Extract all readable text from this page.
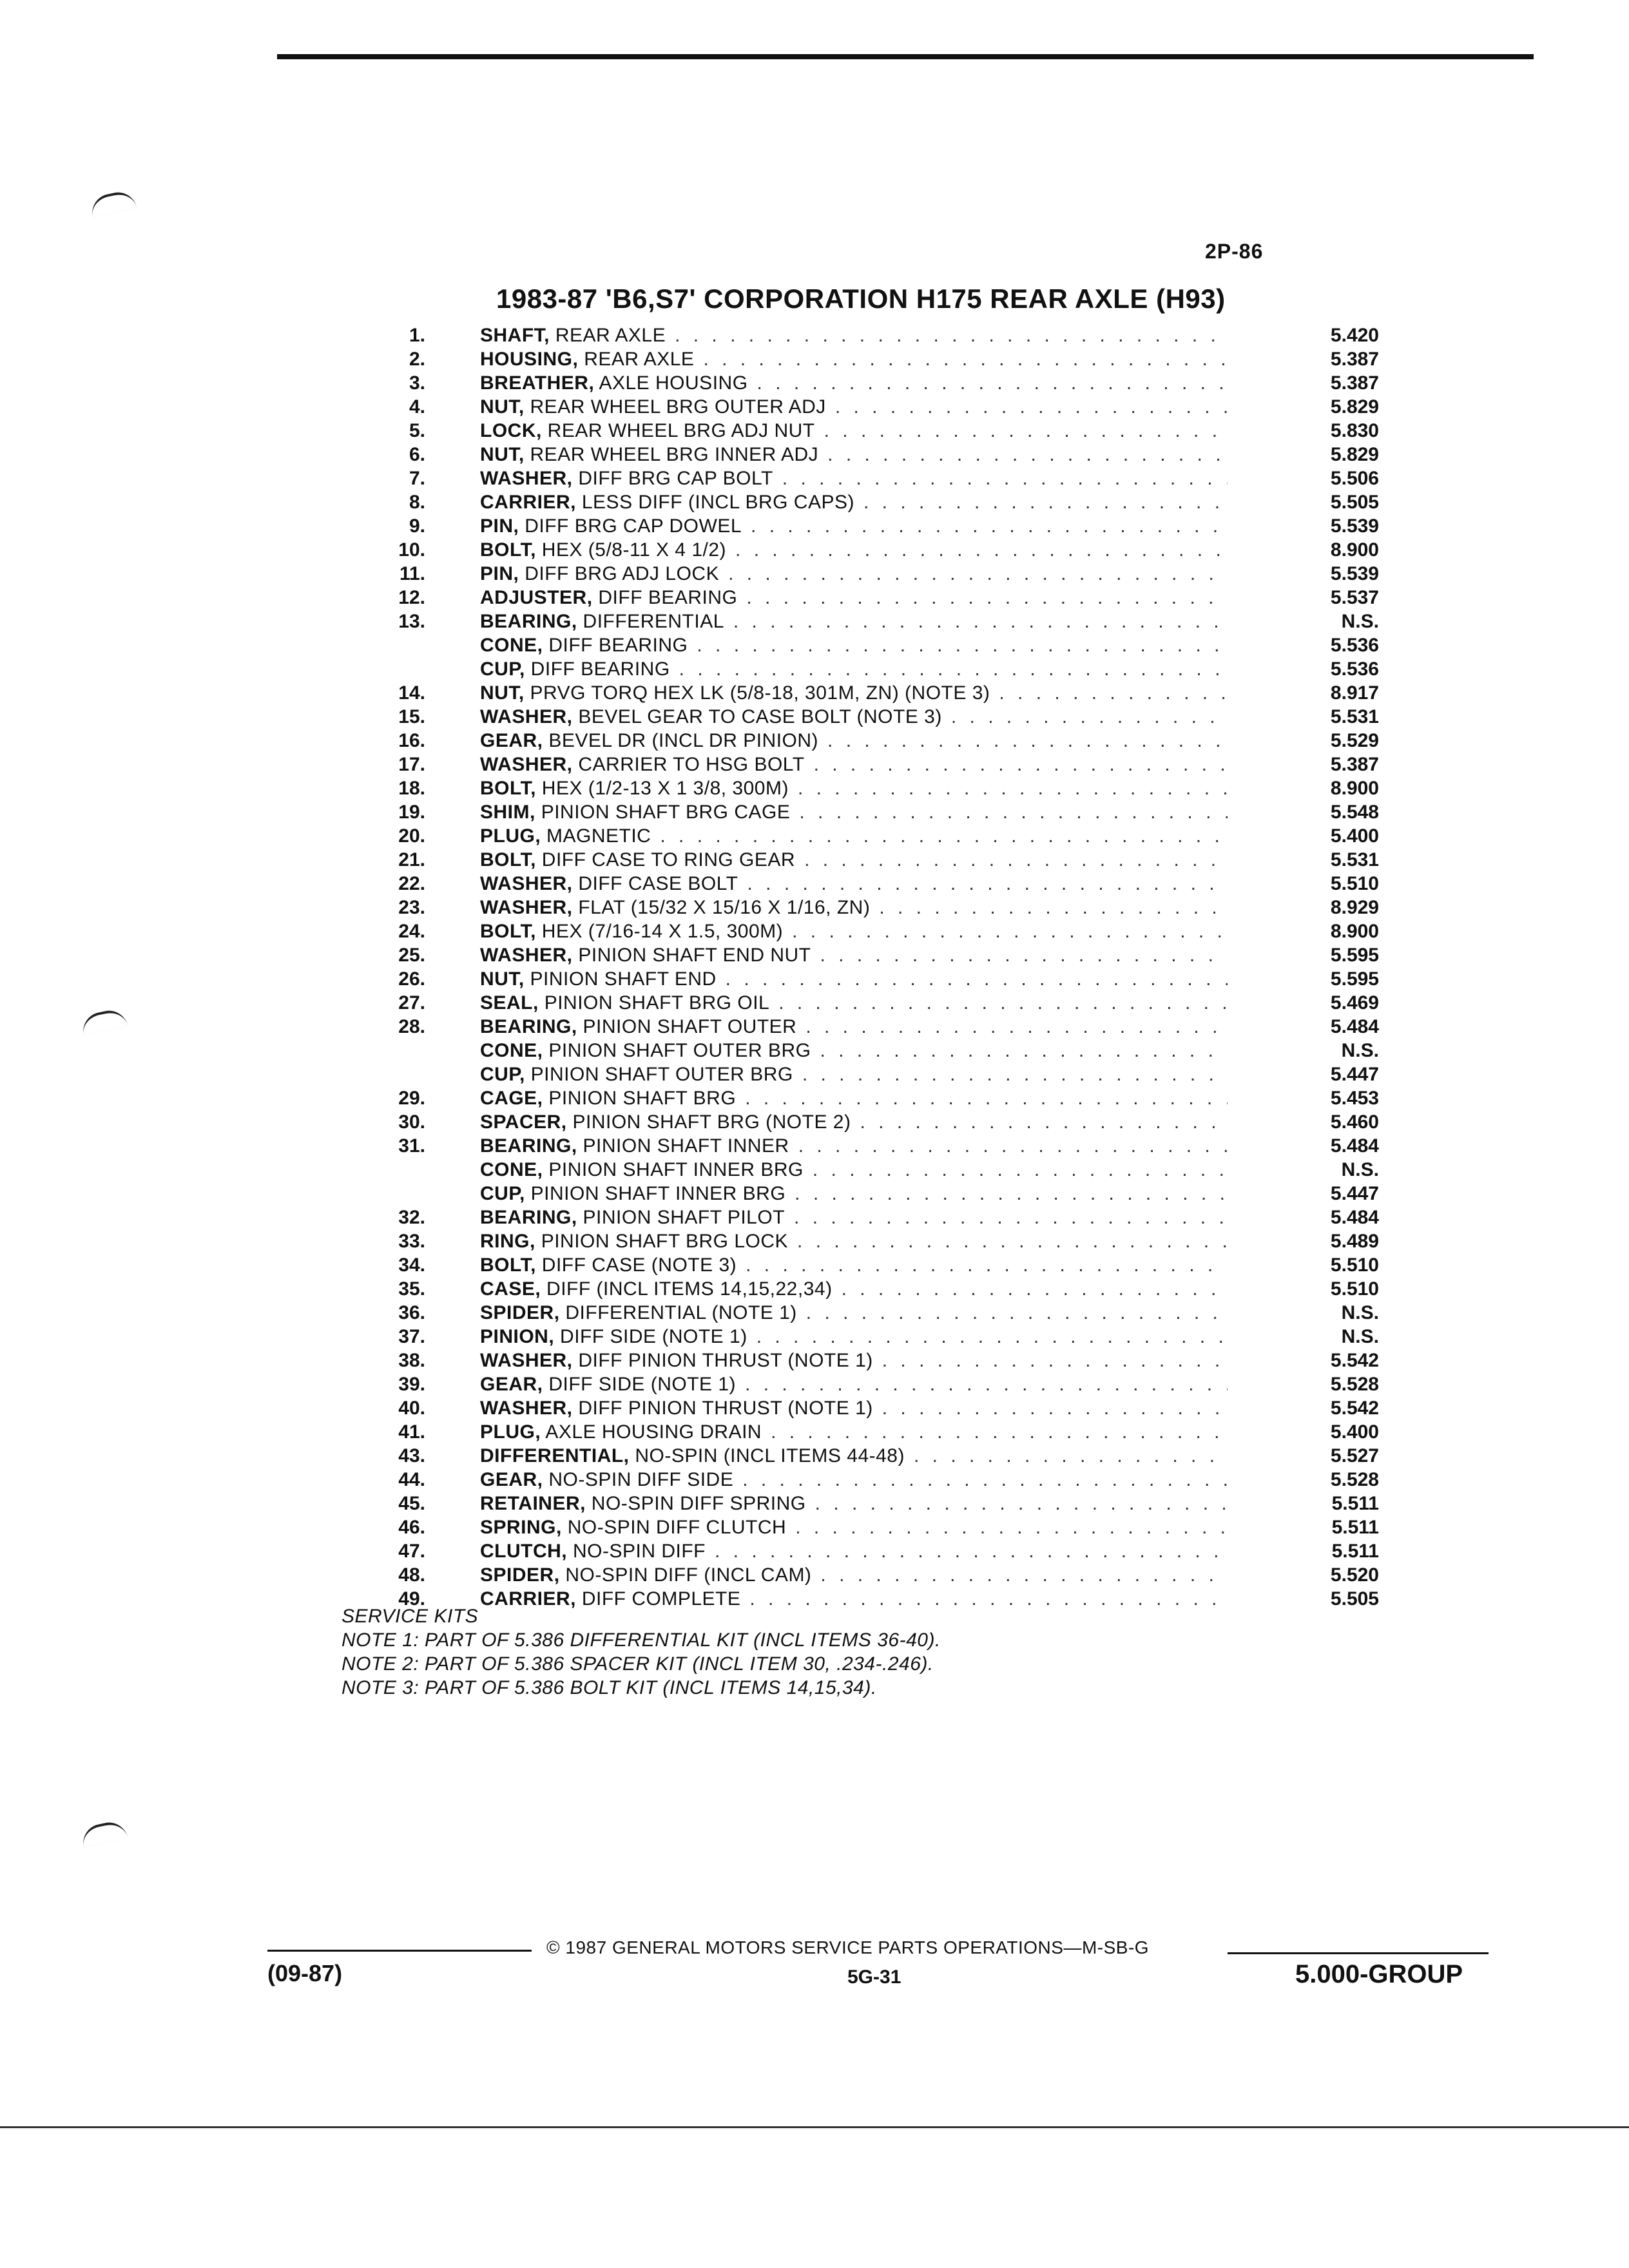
2P-86
1983-87 'B6,S7' CORPORATION H175 REAR AXLE (H93)
1.	SHAFT, REAR AXLE . . .	5.420
2.	HOUSING, REAR AXLE . . .	5.387
3.	BREATHER, AXLE HOUSING . . .	5.387
4.	NUT, REAR WHEEL BRG OUTER ADJ . . .	5.829
5.	LOCK, REAR WHEEL BRG ADJ NUT . . .	5.830
6.	NUT, REAR WHEEL BRG INNER ADJ . . .	5.829
7.	WASHER, DIFF BRG CAP BOLT . . .	5.506
8.	CARRIER, LESS DIFF (INCL BRG CAPS) . . .	5.505
9.	PIN, DIFF BRG CAP DOWEL . . .	5.539
10.	BOLT, HEX (5/8-11 X 4 1/2) . . .	8.900
11.	PIN, DIFF BRG ADJ LOCK . . .	5.539
12.	ADJUSTER, DIFF BEARING . . .	5.537
13.	BEARING, DIFFERENTIAL . . .	N.S.
CONE, DIFF BEARING . . .	5.536
CUP, DIFF BEARING . . .	5.536
14.	NUT, PRVG TORQ HEX LK (5/8-18, 301M, ZN) (NOTE 3) . . .	8.917
15.	WASHER, BEVEL GEAR TO CASE BOLT (NOTE 3) . . .	5.531
16.	GEAR, BEVEL DR (INCL DR PINION) . . .	5.529
17.	WASHER, CARRIER TO HSG BOLT . . .	5.387
18.	BOLT, HEX (1/2-13 X 1 3/8, 300M) . . .	8.900
19.	SHIM, PINION SHAFT BRG CAGE . . .	5.548
20.	PLUG, MAGNETIC . . .	5.400
21.	BOLT, DIFF CASE TO RING GEAR . . .	5.531
22.	WASHER, DIFF CASE BOLT . . .	5.510
23.	WASHER, FLAT (15/32 X 15/16 X 1/16, ZN) . . .	8.929
24.	BOLT, HEX (7/16-14 X 1.5, 300M) . . .	8.900
25.	WASHER, PINION SHAFT END NUT . . .	5.595
26.	NUT, PINION SHAFT END . . .	5.595
27.	SEAL, PINION SHAFT BRG OIL . . .	5.469
28.	BEARING, PINION SHAFT OUTER . . .	5.484
CONE, PINION SHAFT OUTER BRG . . .	N.S.
CUP, PINION SHAFT OUTER BRG . . .	5.447
29.	CAGE, PINION SHAFT BRG . . .	5.453
30.	SPACER, PINION SHAFT BRG (NOTE 2) . . .	5.460
31.	BEARING, PINION SHAFT INNER . . .	5.484
CONE, PINION SHAFT INNER BRG . . .	N.S.
CUP, PINION SHAFT INNER BRG . . .	5.447
32.	BEARING, PINION SHAFT PILOT . . .	5.484
33.	RING, PINION SHAFT BRG LOCK . . .	5.489
34.	BOLT, DIFF CASE (NOTE 3) . . .	5.510
35.	CASE, DIFF (INCL ITEMS 14,15,22,34) . . .	5.510
36.	SPIDER, DIFFERENTIAL (NOTE 1) . . .	N.S.
37.	PINION, DIFF SIDE (NOTE 1) . . .	N.S.
38.	WASHER, DIFF PINION THRUST (NOTE 1) . . .	5.542
39.	GEAR, DIFF SIDE (NOTE 1) . . .	5.528
40.	WASHER, DIFF PINION THRUST (NOTE 1) . . .	5.542
41.	PLUG, AXLE HOUSING DRAIN . . .	5.400
43.	DIFFERENTIAL, NO-SPIN (INCL ITEMS 44-48) . . .	5.527
44.	GEAR, NO-SPIN DIFF SIDE . . .	5.528
45.	RETAINER, NO-SPIN DIFF SPRING . . .	5.511
46.	SPRING, NO-SPIN DIFF CLUTCH . . .	5.511
47.	CLUTCH, NO-SPIN DIFF . . .	5.511
48.	SPIDER, NO-SPIN DIFF (INCL CAM) . . .	5.520
49.	CARRIER, DIFF COMPLETE . . .	5.505
SERVICE KITS
NOTE 1: PART OF 5.386 DIFFERENTIAL KIT (INCL ITEMS 36-40).
NOTE 2: PART OF 5.386 SPACER KIT (INCL ITEM 30, .234-.246).
NOTE 3: PART OF 5.386 BOLT KIT (INCL ITEMS 14,15,34).
© 1987 GENERAL MOTORS SERVICE PARTS OPERATIONS—M-SB-G
(09-87)	5G-31	5.000-GROUP
